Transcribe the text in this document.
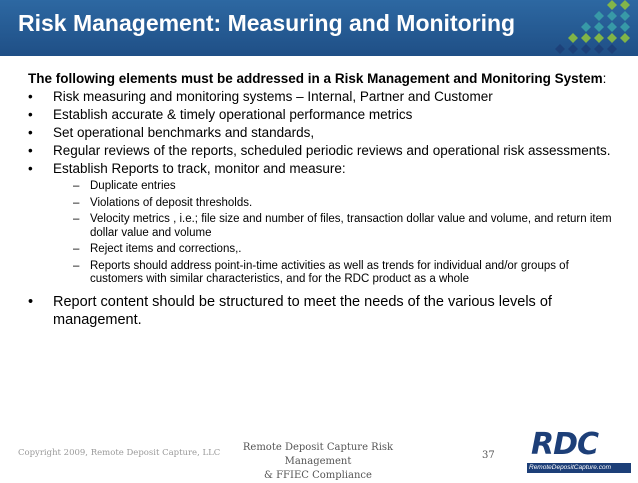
Risk Management: Measuring and Monitoring
The following elements must be addressed in a Risk Management and Monitoring System:
• Risk measuring and monitoring systems – Internal, Partner and Customer
• Establish accurate & timely operational performance metrics
• Set operational benchmarks and standards,
• Regular reviews of the reports, scheduled periodic reviews and operational risk assessments.
• Establish Reports to track, monitor and measure:
– Duplicate entries
– Violations of deposit thresholds.
– Velocity metrics , i.e.; file size and number of files, transaction dollar value and volume, and return item dollar value and volume
– Reject items and corrections,.
– Reports should address point-in-time activities as well as trends for individual and/or groups of customers with similar characteristics, and for the RDC product as a whole
• Report content should be structured to meet the needs of the various levels of management.
Copyright 2009, Remote Deposit Capture, LLC	Remote Deposit Capture Risk Management
& FFIEC Compliance
37 RDC
RemoteDepositCapture.com
